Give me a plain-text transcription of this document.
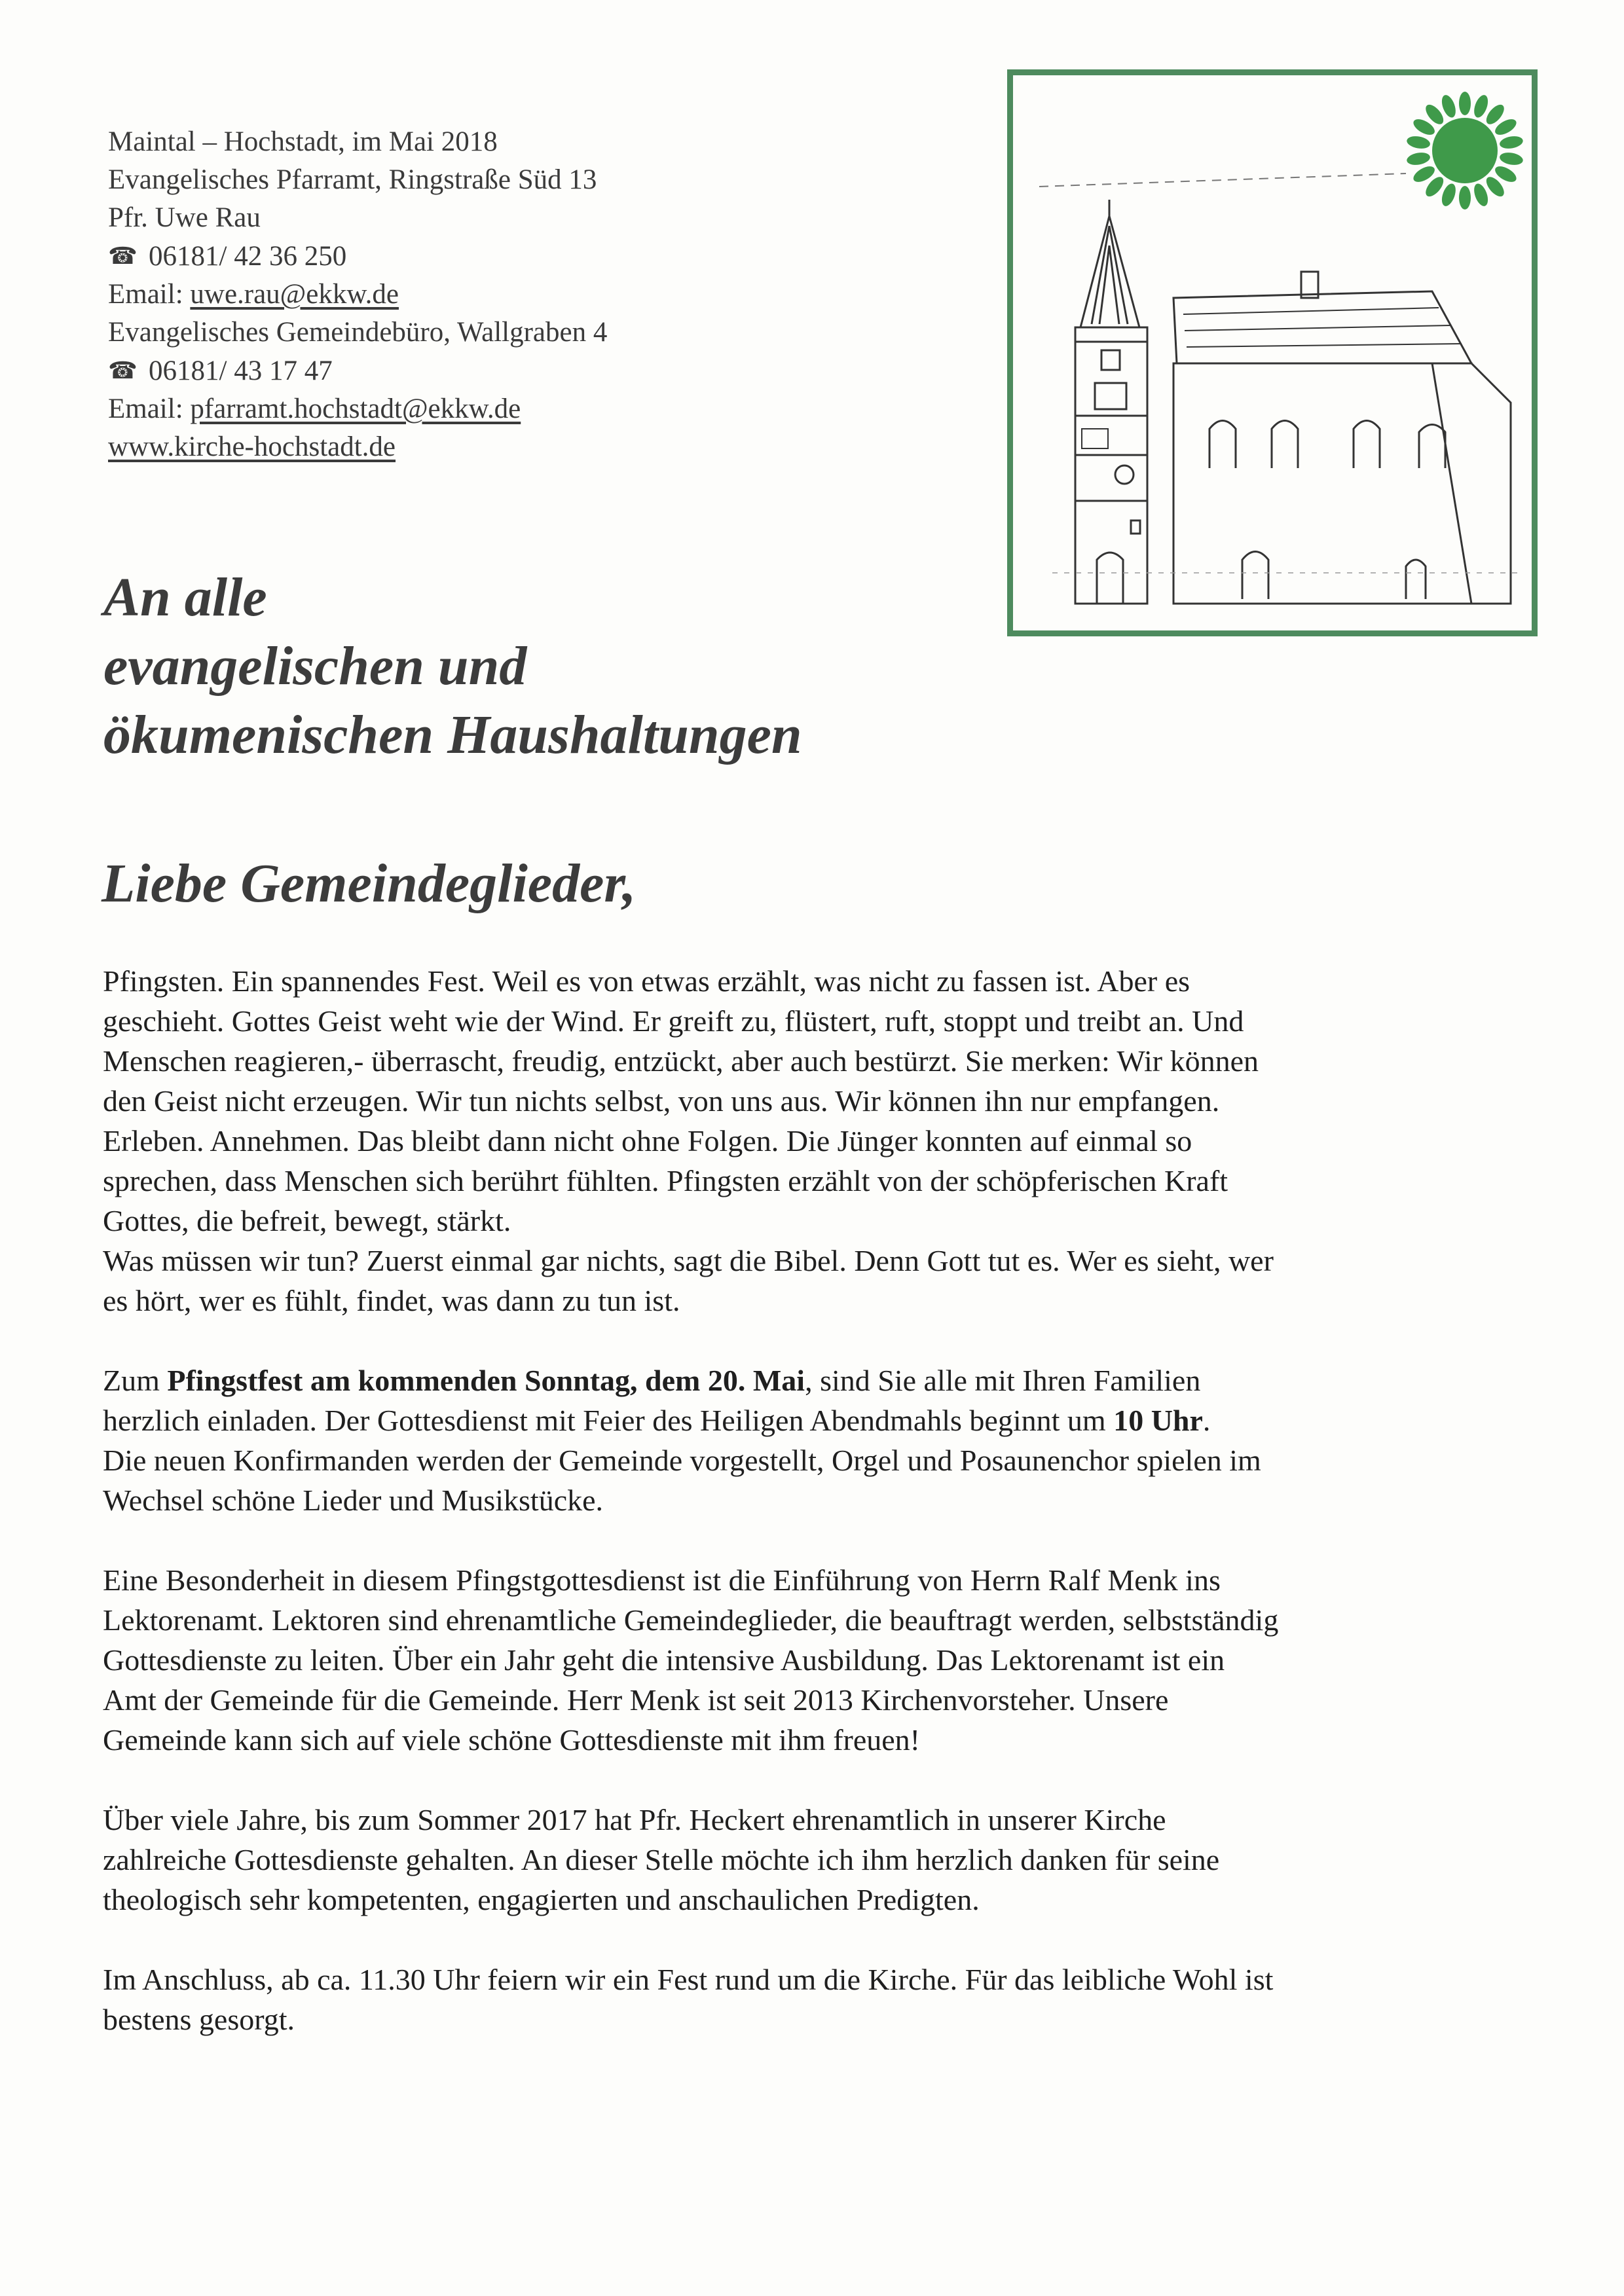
Maintal – Hochstadt, im Mai 2018
Evangelisches Pfarramt, Ringstraße Süd 13
Pfr. Uwe Rau
☎ 06181/ 42 36 250
Email: uwe.rau@ekkw.de
Evangelisches Gemeindebüro, Wallgraben 4
☎ 06181/ 43 17 47
Email: pfarramt.hochstadt@ekkw.de
www.kirche-hochstadt.de
An alle
evangelischen und
ökumenischen Haushaltungen
Liebe Gemeindeglieder,
Pfingsten. Ein spannendes Fest. Weil es von etwas erzählt, was nicht zu fassen ist. Aber es
geschieht. Gottes Geist weht wie der Wind. Er greift zu, flüstert, ruft, stoppt und treibt an. Und
Menschen reagieren,- überrascht, freudig, entzückt, aber auch bestürzt. Sie merken: Wir können
den Geist nicht erzeugen. Wir tun nichts selbst, von uns aus. Wir können ihn nur empfangen.
Erleben. Annehmen. Das bleibt dann nicht ohne Folgen. Die Jünger konnten auf einmal so
sprechen, dass Menschen sich berührt fühlten. Pfingsten erzählt von der schöpferischen Kraft
Gottes, die befreit, bewegt, stärkt.
Was müssen wir tun? Zuerst einmal gar nichts, sagt die Bibel. Denn Gott tut es. Wer es sieht, wer
es hört, wer es fühlt, findet, was dann zu tun ist.
Zum Pfingstfest am kommenden Sonntag, dem 20. Mai, sind Sie alle mit Ihren Familien
herzlich einladen. Der Gottesdienst mit Feier des Heiligen Abendmahls beginnt um 10 Uhr.
Die neuen Konfirmanden werden der Gemeinde vorgestellt, Orgel und Posaunenchor spielen im
Wechsel schöne Lieder und Musikstücke.
Eine Besonderheit in diesem Pfingstgottesdienst ist die Einführung von Herrn Ralf Menk ins
Lektorenamt. Lektoren sind ehrenamtliche Gemeindeglieder, die beauftragt werden, selbstständig
Gottesdienste zu leiten. Über ein Jahr geht die intensive Ausbildung. Das Lektorenamt ist ein
Amt der Gemeinde für die Gemeinde. Herr Menk ist seit 2013 Kirchenvorsteher. Unsere
Gemeinde kann sich auf viele schöne Gottesdienste mit ihm freuen!
Über viele Jahre, bis zum Sommer 2017 hat Pfr. Heckert ehrenamtlich in unserer Kirche
zahlreiche Gottesdienste gehalten. An dieser Stelle möchte ich ihm herzlich danken für seine
theologisch sehr kompetenten, engagierten und anschaulichen Predigten.
Im Anschluss, ab ca. 11.30 Uhr feiern wir ein Fest rund um die Kirche. Für das leibliche Wohl ist
bestens gesorgt.
